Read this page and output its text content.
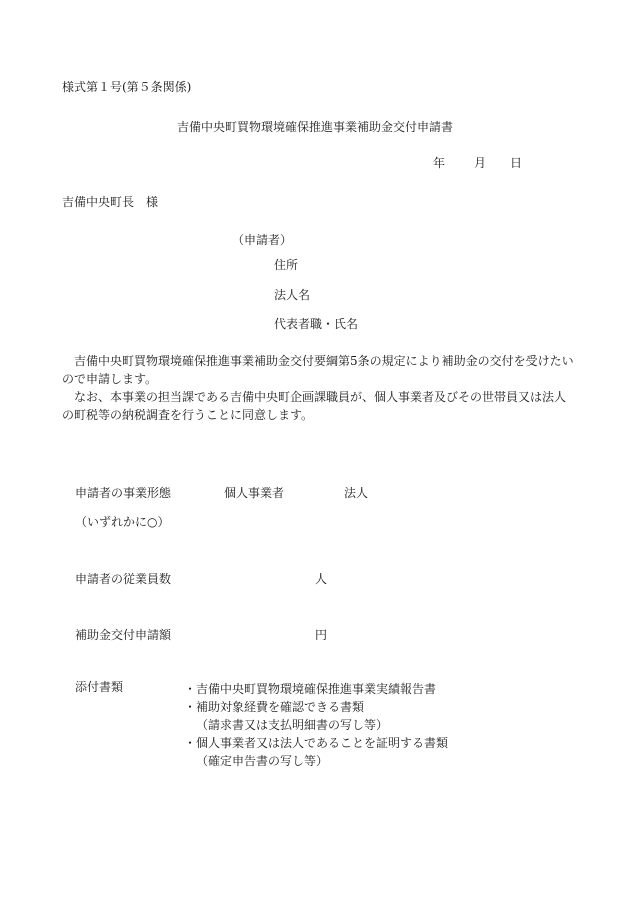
様式第１号(第５条関係)
吉備中央町買物環境確保推進事業補助金交付申請書
年 月 日
吉備中央町長　様
（申請者）
住所
法人名
代表者職・氏名

吉備中央町買物環境確保推進事業補助金交付要綱第5条の規定により補助金の交付を受けたいので申請します。

なお、本事業の担当課である吉備中央町企画課職員が、個人事業者及びその世帯員又は法人の町税等の納税調査を行うことに同意します。

申請者の事業形態	個人事業者	法人
（いずれかに○）
申請者の従業員数	人
補助金交付申請額	円
添付書類	・吉備中央町買物環境確保推進事業実績報告書
・補助対象経費を確認できる書類
（請求書又は支払明細書の写し等）
・個人事業者又は法人であることを証明する書類
（確定申告書の写し等）
